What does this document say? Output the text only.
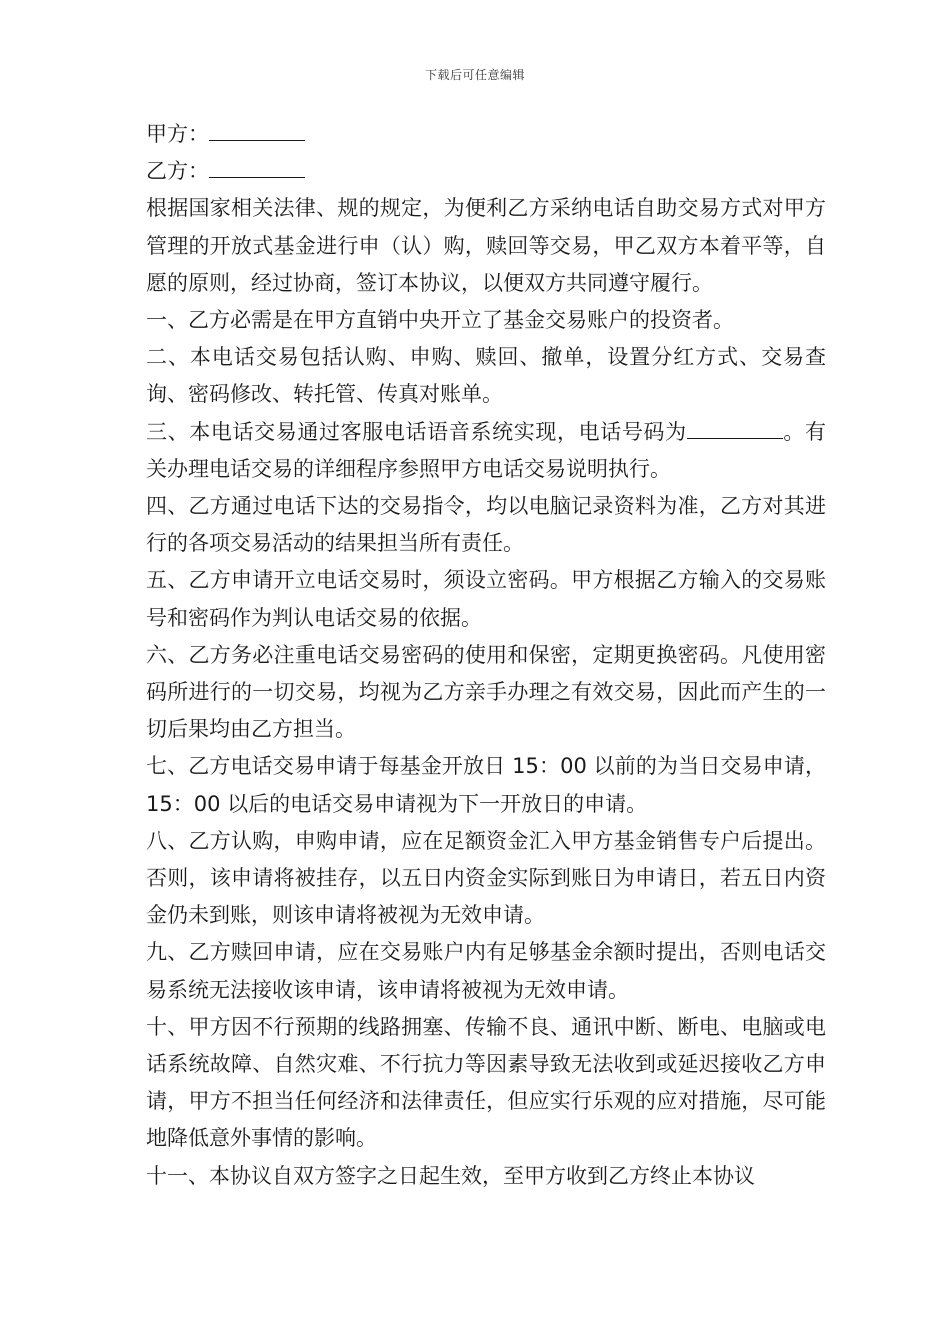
下载后可任意编辑

甲方：

乙方：

根据国家相关法律、规的规定，为便利乙方采纳电话自助交易方式对甲方管理的开放式基金进行申（认）购，赎回等交易，甲乙双方本着平等，自愿的原则，经过协商，签订本协议，以便双方共同遵守履行。

一、乙方必需是在甲方直销中央开立了基金交易账户的投资者。

二、本电话交易包括认购、申购、赎回、撤单，设置分红方式、交易查询、密码修改、转托管、传真对账单。

三、本电话交易通过客服电话语音系统实现，电话号码为	。有关办理电话交易的详细程序参照甲方电话交易说明执行。

四、乙方通过电话下达的交易指令，均以电脑记录资料为准，乙方对其进行的各项交易活动的结果担当所有责任。

五、乙方申请开立电话交易时，须设立密码。甲方根据乙方输入的交易账号和密码作为判认电话交易的依据。

六、乙方务必注重电话交易密码的使用和保密，定期更换密码。凡使用密码所进行的一切交易，均视为乙方亲手办理之有效交易，因此而产生的一切后果均由乙方担当。

七、乙方电话交易申请于每基金开放日 15：00 以前的为当日交易申请，15：00 以后的电话交易申请视为下一开放日的申请。

八、乙方认购，申购申请，应在足额资金汇入甲方基金销售专户后提出。否则，该申请将被挂存，以五日内资金实际到账日为申请日，若五日内资金仍未到账，则该申请将被视为无效申请。

九、乙方赎回申请，应在交易账户内有足够基金余额时提出，否则电话交易系统无法接收该申请，该申请将被视为无效申请。

十、甲方因不行预期的线路拥塞、传输不良、通讯中断、断电、电脑或电话系统故障、自然灾难、不行抗力等因素导致无法收到或延迟接收乙方申请，甲方不担当任何经济和法律责任，但应实行乐观的应对措施，尽可能地降低意外事情的影响。

十一、本协议自双方签字之日起生效，至甲方收到乙方终止本协议
